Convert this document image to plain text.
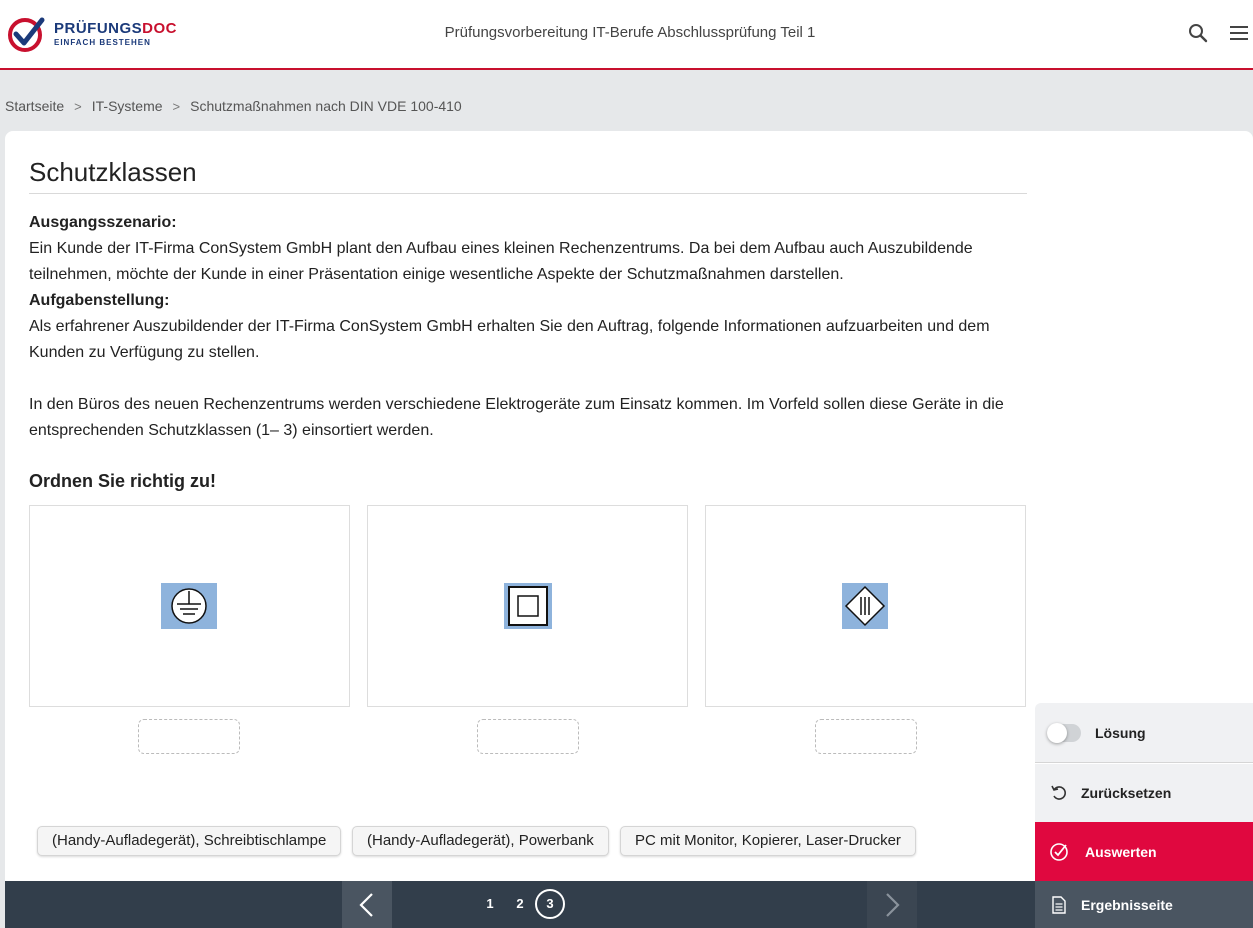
PRÜFUNGSDOC
EINFACH BESTEHEN
Prüfungsvorbereitung IT-Berufe Abschlussprüfung Teil 1
Startseite > IT-Systeme > Schutzmaßnahmen nach DIN VDE 100-410
Schutzklassen

Ausgangsszenario:

Ein Kunde der IT-Firma ConSystem GmbH plant den Aufbau eines kleinen Rechenzentrums. Da bei dem Aufbau auch Auszubildende teilnehmen, möchte der Kunde in einer Präsentation einige wesentliche Aspekte der Schutzmaßnahmen darstellen.

Aufgabenstellung:

Als erfahrener Auszubildender der IT-Firma ConSystem GmbH erhalten Sie den Auftrag, folgende Informationen aufzuarbeiten und dem Kunden zu Verfügung zu stellen.

In den Büros des neuen Rechenzentrums werden verschiedene Elektrogeräte zum Einsatz kommen. Im Vorfeld sollen diese Geräte in die entsprechenden Schutzklassen (1– 3) einsortiert werden.

Ordnen Sie richtig zu!
(Handy-Aufladegerät), Schreibtischlampe	(Handy-Aufladegerät), Powerbank	PC mit Monitor, Kopierer, Laser-Drucker
1	2	3
Lösung
Zurücksetzen
Auswerten
Ergebnisseite
